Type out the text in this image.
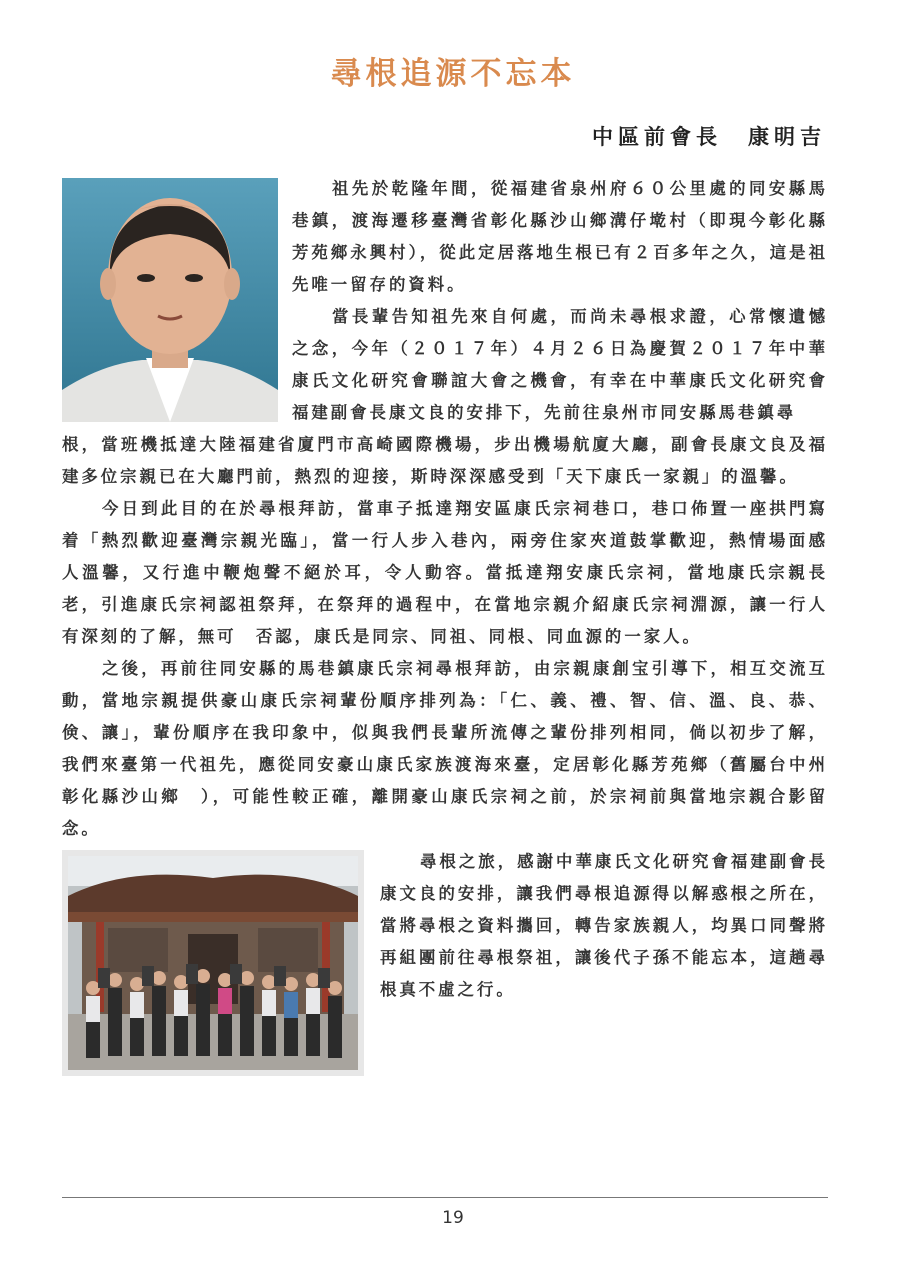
尋根追源不忘本
中區前會長　康明吉

祖先於乾隆年間，從福建省泉州府６０公里處的同安縣馬巷鎮，渡海遷移臺灣省彰化縣沙山鄉溝仔墘村（即現今彰化縣芳苑鄉永興村），從此定居落地生根已有２百多年之久，這是祖先唯一留存的資料。

當長輩告知祖先來自何處，而尚未尋根求證，心常懷遺憾之念，今年（２０１７年）４月２６日為慶賀２０１７年中華康氏文化研究會聯誼大會之機會，有幸在中華康氏文化研究會福建副會長康文良的安排下，先前往泉州市同安縣馬巷鎮尋

根，當班機抵達大陸福建省廈門市高崎國際機場，步出機場航廈大廳，副會長康文良及福建多位宗親已在大廳門前，熱烈的迎接，斯時深深感受到「天下康氏一家親」的溫馨。

今日到此目的在於尋根拜訪，當車子抵達翔安區康氏宗祠巷口，巷口佈置一座拱門寫着「熱烈歡迎臺灣宗親光臨」，當一行人步入巷內，兩旁住家夾道鼓掌歡迎，熱情場面感人溫馨，又行進中鞭炮聲不絕於耳，令人動容。當抵達翔安康氏宗祠，當地康氏宗親長老，引進康氏宗祠認祖祭拜，在祭拜的過程中，在當地宗親介紹康氏宗祠淵源，讓一行人有深刻的了解，無可　否認，康氏是同宗、同祖、同根、同血源的一家人。

之後，再前往同安縣的馬巷鎮康氏宗祠尋根拜訪，由宗親康創宝引導下，相互交流互動，當地宗親提供豪山康氏宗祠輩份順序排列為：「仁、義、禮、智、信、溫、良、恭、倹、讓」，輩份順序在我印象中，似與我們長輩所流傳之輩份排列相同，倘以初步了解，我們來臺第一代祖先，應從同安豪山康氏家族渡海來臺，定居彰化縣芳苑鄉（舊屬台中州彰化縣沙山鄉　），可能性較正確，離開豪山康氏宗祠之前，於宗祠前與當地宗親合影留念。

尋根之旅，感謝中華康氏文化研究會福建副會長康文良的安排，讓我們尋根追源得以解惑根之所在，當將尋根之資料攜回，轉告家族親人，均異口同聲將再組團前往尋根祭祖，讓後代子孫不能忘本，這趟尋根真不虛之行。

19
